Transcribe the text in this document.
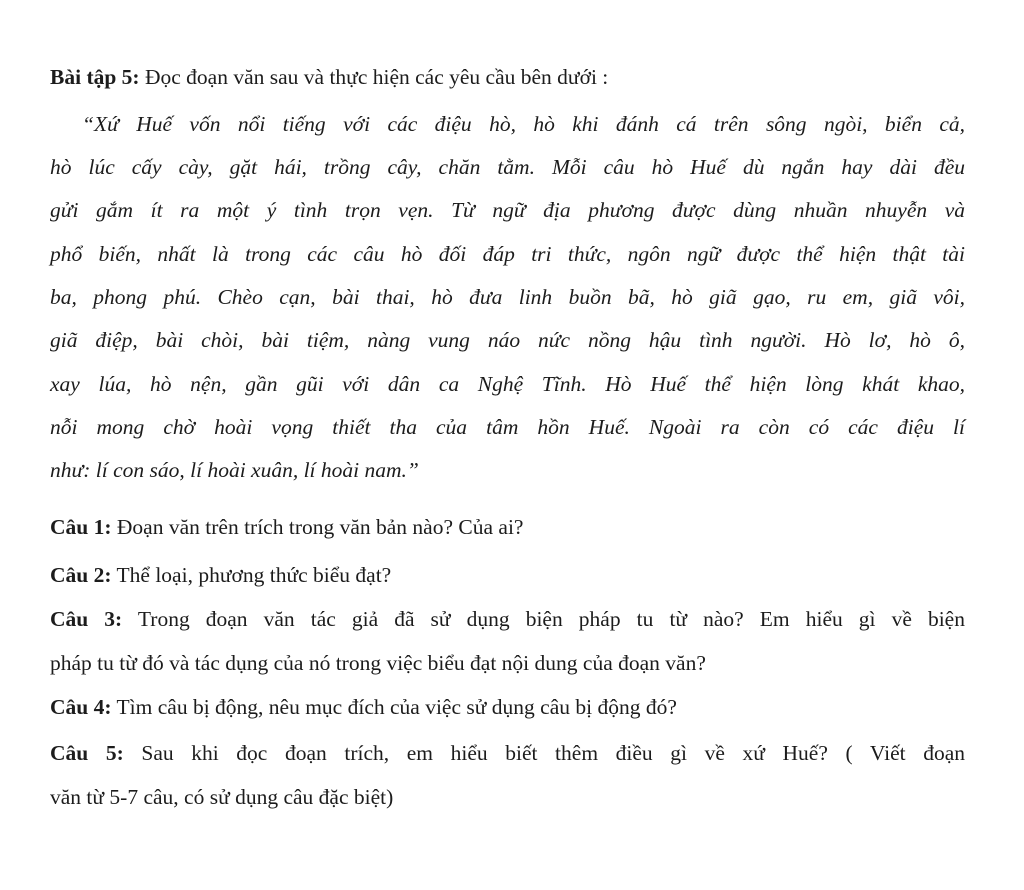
Bài tập 5: Đọc đoạn văn sau và thực hiện các yêu cầu bên dưới :
“Xứ Huế vốn nổi tiếng với các điệu hò, hò khi đánh cá trên sông ngòi, biển cả,
hò lúc cấy cày, gặt hái, trồng cây, chăn tằm. Mỗi câu hò Huế dù ngắn hay dài đều
gửi gắm ít ra một ý tình trọn vẹn. Từ ngữ địa phương được dùng nhuần nhuyễn và
phổ biến, nhất là trong các câu hò đối đáp tri thức, ngôn ngữ được thể hiện thật tài
ba, phong phú. Chèo cạn, bài thai, hò đưa linh buồn bã, hò giã gạo, ru em, giã vôi,
giã điệp, bài chòi, bài tiệm, nàng vung náo nức nồng hậu tình người. Hò lơ, hò ô,
xay lúa, hò nện, gần gũi với dân ca Nghệ Tĩnh. Hò Huế thể hiện lòng khát khao,
nỗi mong chờ hoài vọng thiết tha của tâm hồn Huế. Ngoài ra còn có các điệu lí
như: lí con sáo, lí hoài xuân, lí hoài nam.”
Câu 1: Đoạn văn trên trích trong văn bản nào? Của ai?
Câu 2: Thể loại, phương thức biểu đạt?
Câu 3: Trong đoạn văn tác giả đã sử dụng biện pháp tu từ nào? Em hiểu gì về biện
pháp tu từ đó và tác dụng của nó trong việc biểu đạt nội dung của đoạn văn?
Câu 4: Tìm câu bị động, nêu mục đích của việc sử dụng câu bị động đó?
Câu 5: Sau khi đọc đoạn trích, em hiểu biết thêm điều gì về xứ Huế? ( Viết đoạn
văn từ 5-7 câu, có sử dụng câu đặc biệt)
